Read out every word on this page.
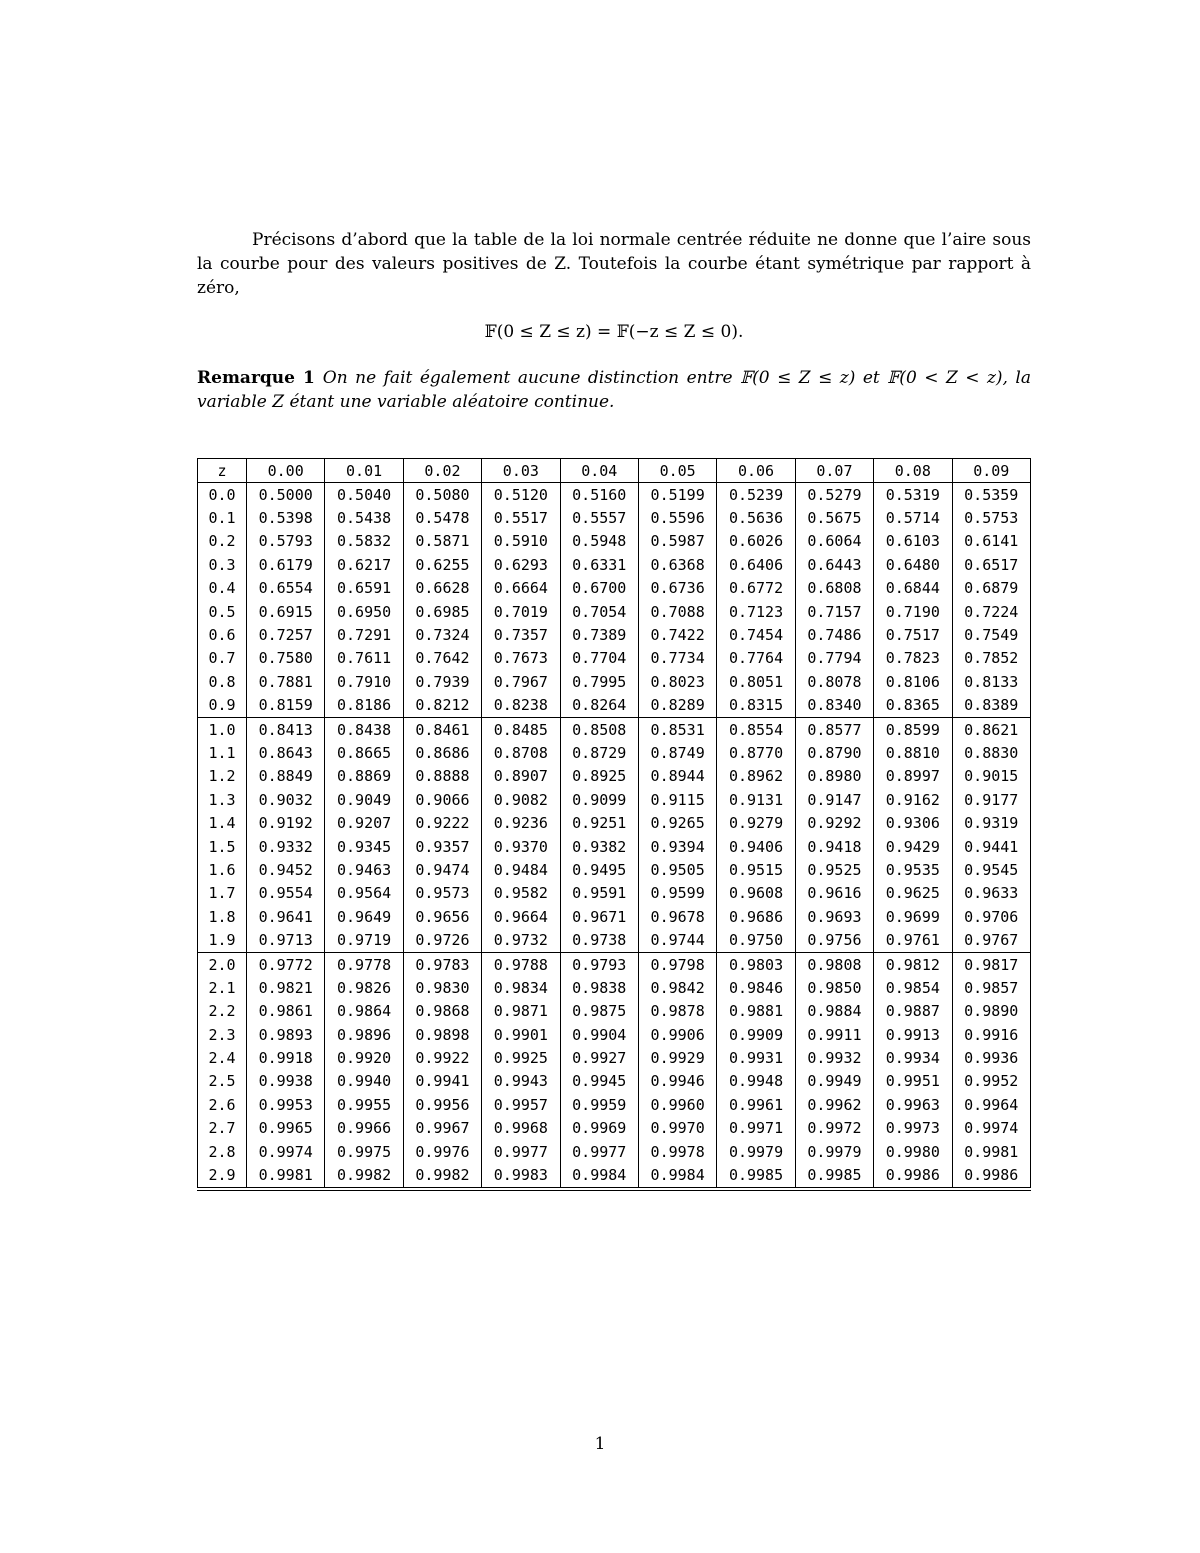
Précisons d’abord que la table de la loi normale centrée réduite ne donne que l’aire sous la courbe pour des valeurs positives de Z. Toutefois la courbe étant symétrique par rapport à zéro,

𝔽(0 ≤ Z ≤ z) = 𝔽(−z ≤ Z ≤ 0).
Remarque 1 On ne fait également aucune distinction entre 𝔽(0 ≤ Z ≤ z) et 𝔽(0 < Z < z), la variable Z étant une variable aléatoire continue.
z	0.00	0.01	0.02	0.03	0.04	0.05	0.06	0.07	0.08	0.09
0.0	0.5000	0.5040	0.5080	0.5120	0.5160	0.5199	0.5239	0.5279	0.5319	0.5359
0.1	0.5398	0.5438	0.5478	0.5517	0.5557	0.5596	0.5636	0.5675	0.5714	0.5753
0.2	0.5793	0.5832	0.5871	0.5910	0.5948	0.5987	0.6026	0.6064	0.6103	0.6141
0.3	0.6179	0.6217	0.6255	0.6293	0.6331	0.6368	0.6406	0.6443	0.6480	0.6517
0.4	0.6554	0.6591	0.6628	0.6664	0.6700	0.6736	0.6772	0.6808	0.6844	0.6879
0.5	0.6915	0.6950	0.6985	0.7019	0.7054	0.7088	0.7123	0.7157	0.7190	0.7224
0.6	0.7257	0.7291	0.7324	0.7357	0.7389	0.7422	0.7454	0.7486	0.7517	0.7549
0.7	0.7580	0.7611	0.7642	0.7673	0.7704	0.7734	0.7764	0.7794	0.7823	0.7852
0.8	0.7881	0.7910	0.7939	0.7967	0.7995	0.8023	0.8051	0.8078	0.8106	0.8133
0.9	0.8159	0.8186	0.8212	0.8238	0.8264	0.8289	0.8315	0.8340	0.8365	0.8389
1.0	0.8413	0.8438	0.8461	0.8485	0.8508	0.8531	0.8554	0.8577	0.8599	0.8621
1.1	0.8643	0.8665	0.8686	0.8708	0.8729	0.8749	0.8770	0.8790	0.8810	0.8830
1.2	0.8849	0.8869	0.8888	0.8907	0.8925	0.8944	0.8962	0.8980	0.8997	0.9015
1.3	0.9032	0.9049	0.9066	0.9082	0.9099	0.9115	0.9131	0.9147	0.9162	0.9177
1.4	0.9192	0.9207	0.9222	0.9236	0.9251	0.9265	0.9279	0.9292	0.9306	0.9319
1.5	0.9332	0.9345	0.9357	0.9370	0.9382	0.9394	0.9406	0.9418	0.9429	0.9441
1.6	0.9452	0.9463	0.9474	0.9484	0.9495	0.9505	0.9515	0.9525	0.9535	0.9545
1.7	0.9554	0.9564	0.9573	0.9582	0.9591	0.9599	0.9608	0.9616	0.9625	0.9633
1.8	0.9641	0.9649	0.9656	0.9664	0.9671	0.9678	0.9686	0.9693	0.9699	0.9706
1.9	0.9713	0.9719	0.9726	0.9732	0.9738	0.9744	0.9750	0.9756	0.9761	0.9767
2.0	0.9772	0.9778	0.9783	0.9788	0.9793	0.9798	0.9803	0.9808	0.9812	0.9817
2.1	0.9821	0.9826	0.9830	0.9834	0.9838	0.9842	0.9846	0.9850	0.9854	0.9857
2.2	0.9861	0.9864	0.9868	0.9871	0.9875	0.9878	0.9881	0.9884	0.9887	0.9890
2.3	0.9893	0.9896	0.9898	0.9901	0.9904	0.9906	0.9909	0.9911	0.9913	0.9916
2.4	0.9918	0.9920	0.9922	0.9925	0.9927	0.9929	0.9931	0.9932	0.9934	0.9936
2.5	0.9938	0.9940	0.9941	0.9943	0.9945	0.9946	0.9948	0.9949	0.9951	0.9952
2.6	0.9953	0.9955	0.9956	0.9957	0.9959	0.9960	0.9961	0.9962	0.9963	0.9964
2.7	0.9965	0.9966	0.9967	0.9968	0.9969	0.9970	0.9971	0.9972	0.9973	0.9974
2.8	0.9974	0.9975	0.9976	0.9977	0.9977	0.9978	0.9979	0.9979	0.9980	0.9981
2.9	0.9981	0.9982	0.9982	0.9983	0.9984	0.9984	0.9985	0.9985	0.9986	0.9986
1
